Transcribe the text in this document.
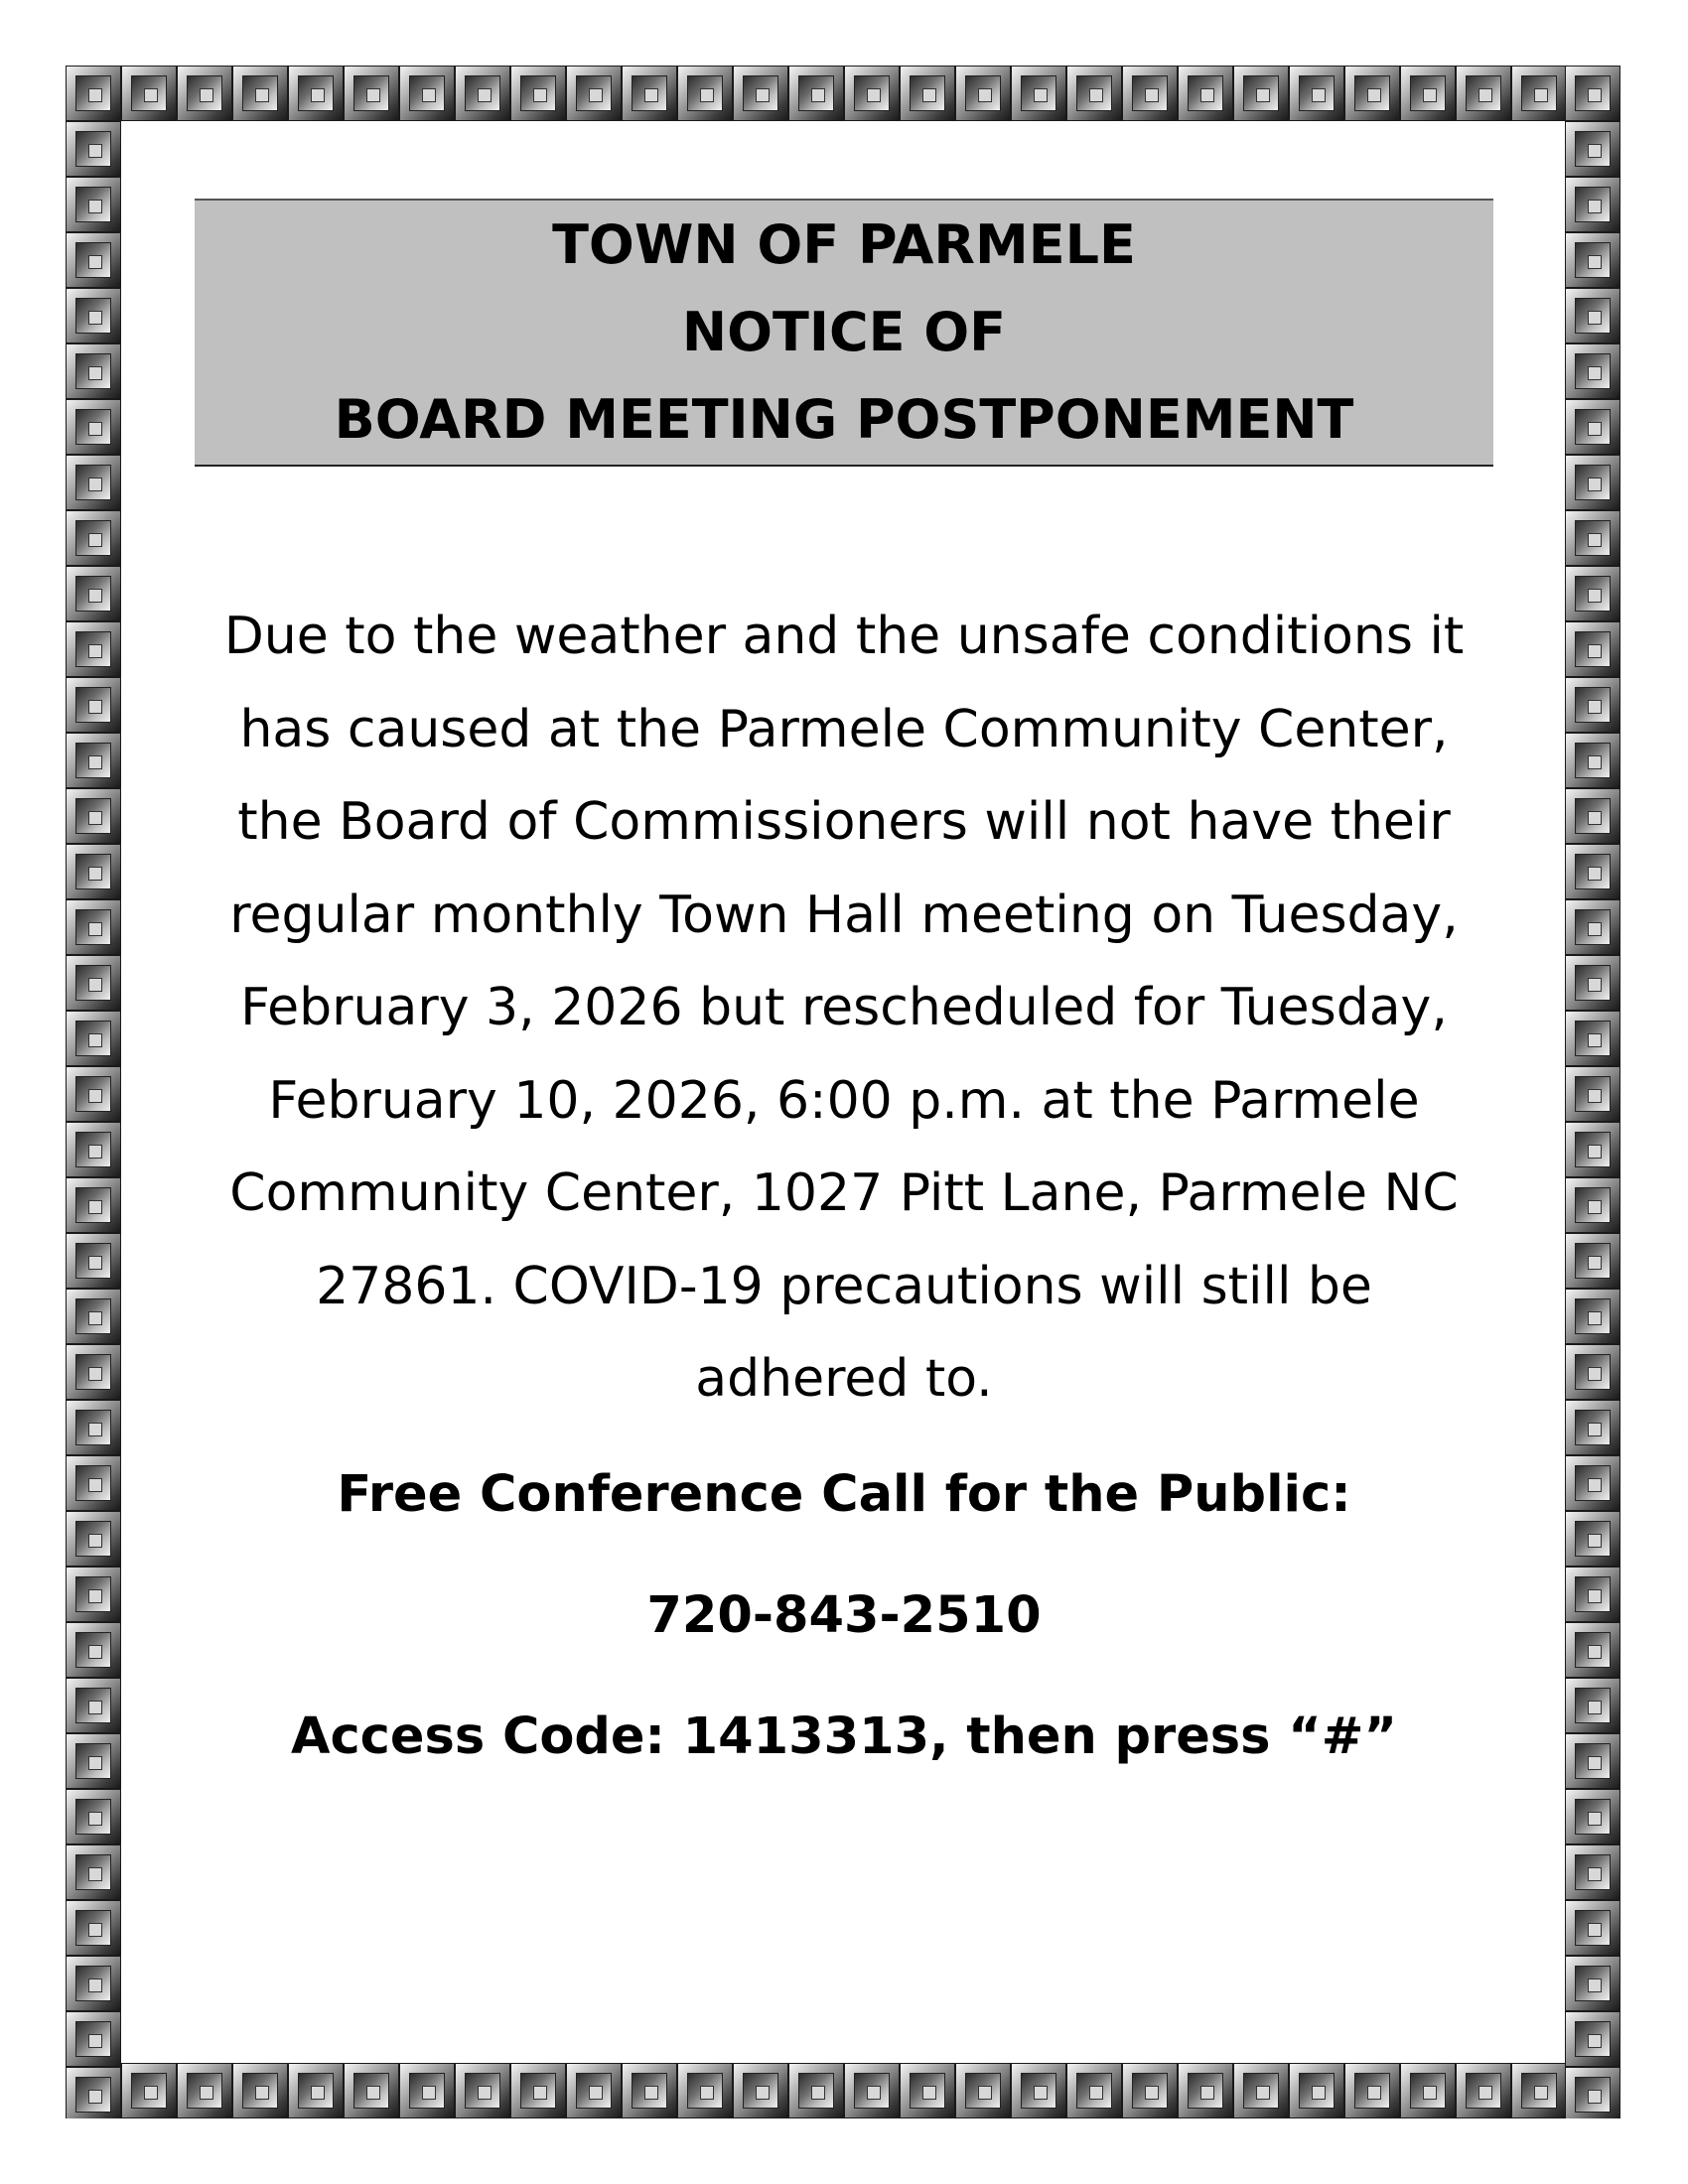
TOWN OF PARMELE
NOTICE OF
BOARD MEETING POSTPONEMENT
Due to the weather and the unsafe conditions it
has caused at the Parmele Community Center,
the Board of Commissioners will not have their
regular monthly Town Hall meeting on Tuesday,
February 3, 2026 but rescheduled for Tuesday,
February 10, 2026, 6:00 p.m. at the Parmele
Community Center, 1027 Pitt Lane, Parmele NC
27861. COVID-19 precautions will still be
adhered to.
Free Conference Call for the Public:
720-843-2510
Access Code: 1413313, then press “#”
